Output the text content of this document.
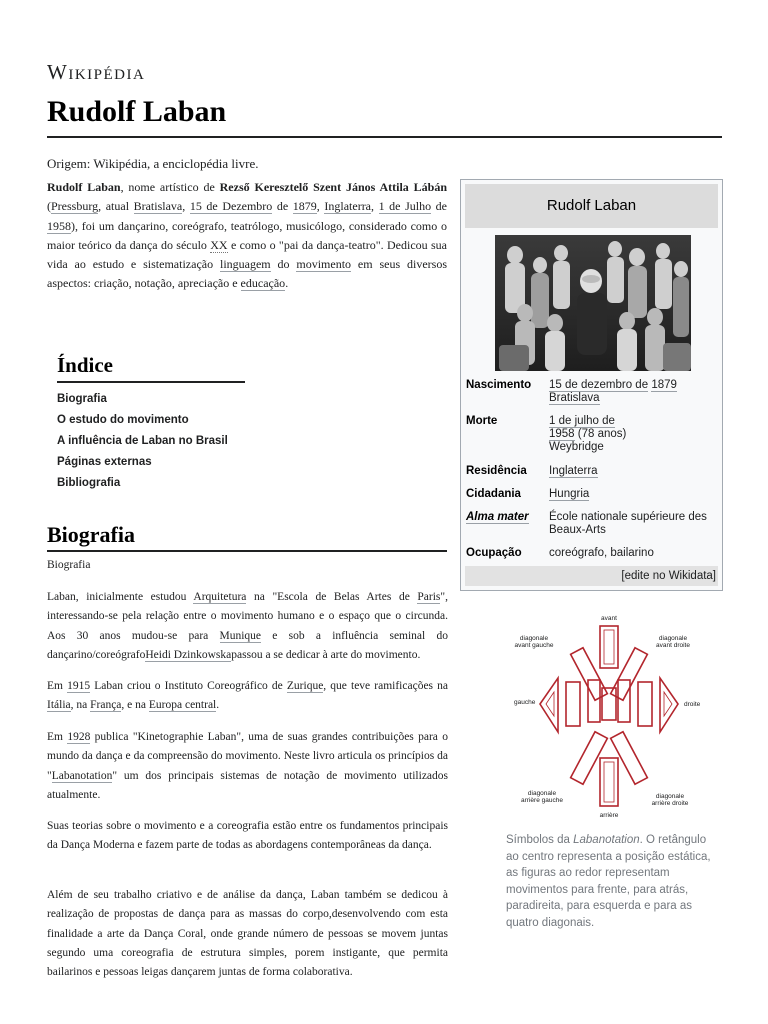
Wikipédia
Rudolf Laban
Origem: Wikipédia, a enciclopédia livre.
Rudolf Laban, nome artístico de Rezső Keresztelő Szent János Attila Lábán (Pressburg, atual Bratislava, 15 de Dezembro de 1879, Inglaterra, 1 de Julho de 1958), foi um dançarino, coreógrafo, teatrólogo, musicólogo, considerado como o maior teórico da dança do século XX e como o "pai da dança-teatro". Dedicou sua vida ao estudo e sistematização linguagem do movimento em seus diversos aspectos: criação, notação, apreciação e educação.
Índice
Biografia
O estudo do movimento
A influência de Laban no Brasil
Páginas externas
Bibliografia
Biografia
Biografia
Laban, inicialmente estudou Arquitetura na "Escola de Belas Artes de Paris", interessando-se pela relação entre o movimento humano e o espaço que o circunda. Aos 30 anos mudou-se para Munique e sob a influência seminal do dançarino/coreógrafoHeidi Dzinkowskapassou a se dedicar à arte do movimento.
Em 1915 Laban criou o Instituto Coreográfico de Zurique, que teve ramificações na Itália, na França, e na Europa central.
Em 1928 publica "Kinetographie Laban", uma de suas grandes contribuições para o mundo da dança e da compreensão do movimento. Neste livro articula os princípios da "Labanotation" um dos principais sistemas de notação de movimento utilizados atualmente.
Suas teorias sobre o movimento e a coreografia estão entre os fundamentos principais da Dança Moderna e fazem parte de todas as abordagens contemporâneas da dança.
Além de seu trabalho criativo e de análise da dança, Laban também se dedicou à realização de propostas de dança para as massas do corpo,desenvolvendo com esta finalidade a arte da Dança Coral, onde grande número de pessoas se movem juntas segundo uma coreografia de estrutura simples, porem instigante, que permita bailarinos e pessoas leigas dançarem juntas de forma colaborativa.
Rudolf Laban
Nascimento	15 de dezembro de 1879
Bratislava
Morte	1 de julho de
1958 (78 anos)
Weybridge
Residência	Inglaterra
Cidadania	Hungria
Alma mater	École nationale supérieure des Beaux-Arts
Ocupação	coreógrafo, bailarino
[edite no Wikidata]
avant
diagonale
avant gauche
diagonale
avant droite
gauche	droite
diagonale
arrière gauche
diagonale
arrière droite
arrière
Símbolos da Labanotation. O retângulo ao centro representa a posição estática, as figuras ao redor representam movimentos para frente, para atrás, paradireita, para esquerda e para as quatro diagonais.
